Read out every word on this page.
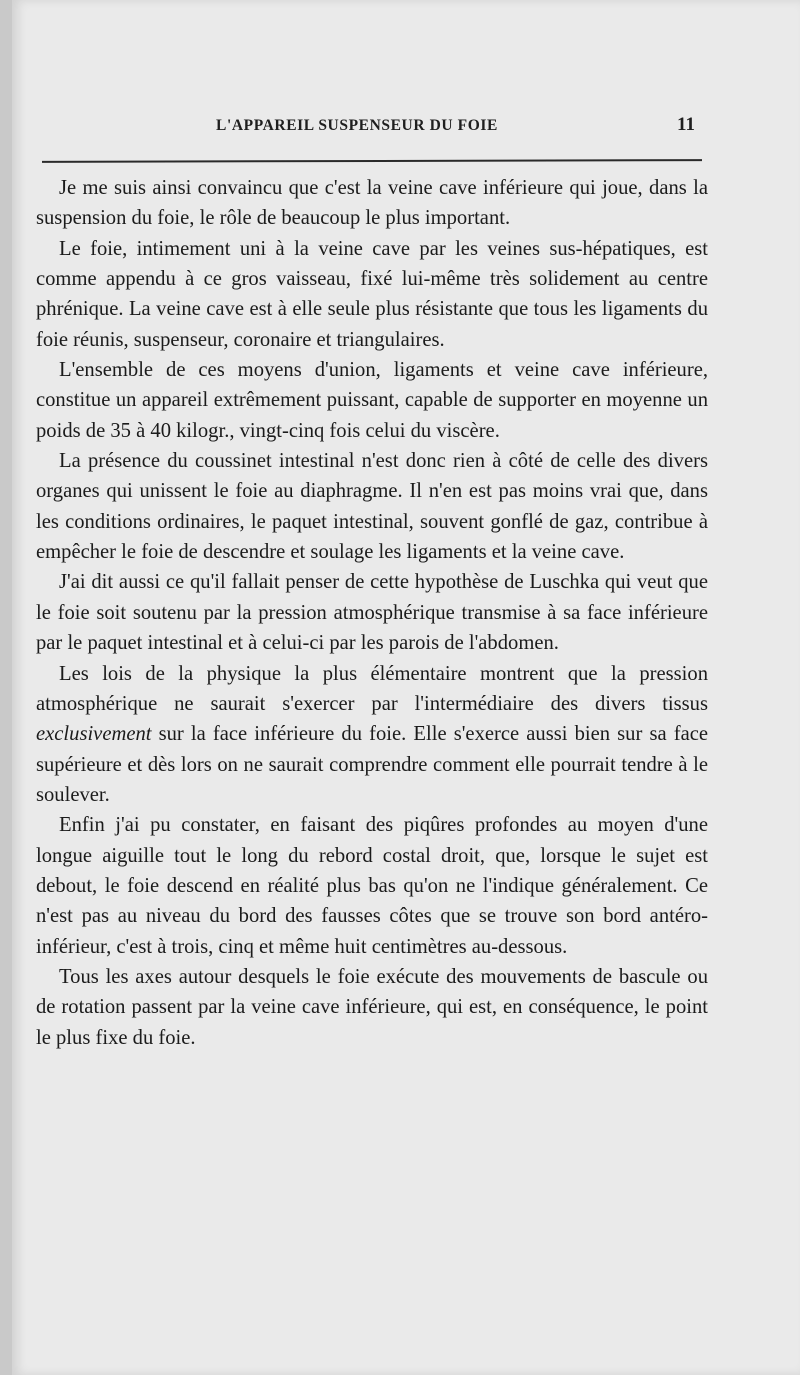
L'APPAREIL SUSPENSEUR DU FOIE	11

Je me suis ainsi convaincu que c'est la veine cave inférieure qui joue, dans la suspension du foie, le rôle de beaucoup le plus important.

Le foie, intimement uni à la veine cave par les veines sus-hépatiques, est comme appendu à ce gros vaisseau, fixé lui-même très solidement au centre phrénique. La veine cave est à elle seule plus résistante que tous les ligaments du foie réunis, suspenseur, coronaire et triangulaires.

L'ensemble de ces moyens d'union, ligaments et veine cave inférieure, constitue un appareil extrêmement puissant, capable de supporter en moyenne un poids de 35 à 40 kilogr., vingt-cinq fois celui du viscère.

La présence du coussinet intestinal n'est donc rien à côté de celle des divers organes qui unissent le foie au diaphragme. Il n'en est pas moins vrai que, dans les conditions ordinaires, le paquet intestinal, souvent gonflé de gaz, contribue à empêcher le foie de descendre et soulage les ligaments et la veine cave.

J'ai dit aussi ce qu'il fallait penser de cette hypothèse de Luschka qui veut que le foie soit soutenu par la pression atmosphérique transmise à sa face inférieure par le paquet intestinal et à celui-ci par les parois de l'abdomen.

Les lois de la physique la plus élémentaire montrent que la pression atmosphérique ne saurait s'exercer par l'intermédiaire des divers tissus exclusivement sur la face inférieure du foie. Elle s'exerce aussi bien sur sa face supérieure et dès lors on ne saurait comprendre comment elle pourrait tendre à le soulever.

Enfin j'ai pu constater, en faisant des piqûres profondes au moyen d'une longue aiguille tout le long du rebord costal droit, que, lorsque le sujet est debout, le foie descend en réalité plus bas qu'on ne l'indique généralement. Ce n'est pas au niveau du bord des fausses côtes que se trouve son bord antéro-inférieur, c'est à trois, cinq et même huit centimètres au-dessous.

Tous les axes autour desquels le foie exécute des mouvements de bascule ou de rotation passent par la veine cave inférieure, qui est, en conséquence, le point le plus fixe du foie.
